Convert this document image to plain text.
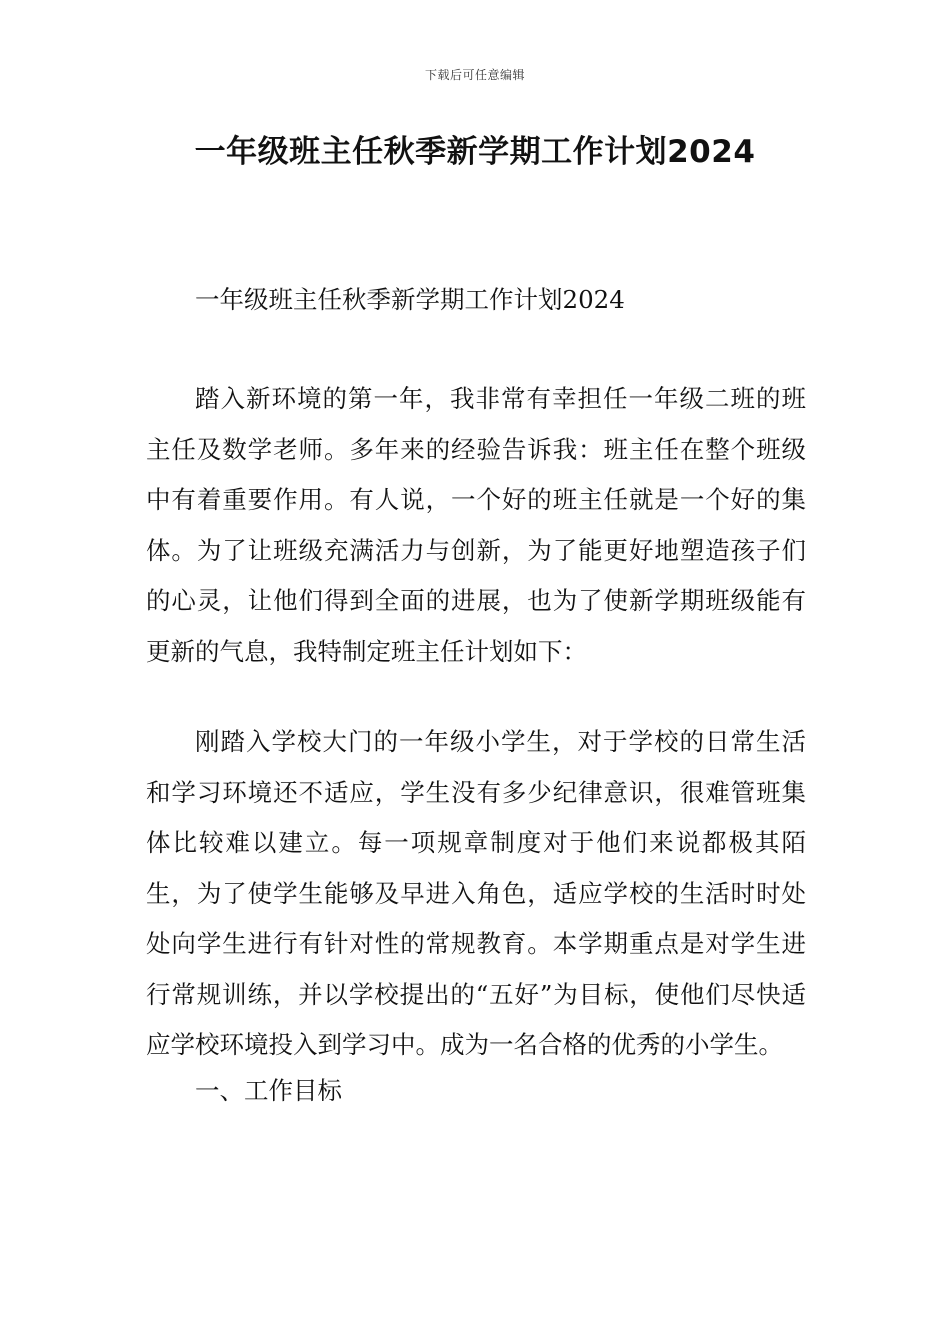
下载后可任意编辑
一年级班主任秋季新学期工作计划2024

一年级班主任秋季新学期工作计划2024

踏入新环境的第一年，我非常有幸担任一年级二班的班主任及数学老师。多年来的经验告诉我：班主任在整个班级中有着重要作用。有人说，一个好的班主任就是一个好的集体。为了让班级充满活力与创新，为了能更好地塑造孩子们的心灵，让他们得到全面的进展，也为了使新学期班级能有更新的气息，我特制定班主任计划如下：

刚踏入学校大门的一年级小学生，对于学校的日常生活和学习环境还不适应，学生没有多少纪律意识，很难管班集体比较难以建立。每一项规章制度对于他们来说都极其陌生，为了使学生能够及早进入角色，适应学校的生活时时处处向学生进行有针对性的常规教育。本学期重点是对学生进行常规训练，并以学校提出的“五好”为目标，使他们尽快适应学校环境投入到学习中。成为一名合格的优秀的小学生。

一、工作目标
